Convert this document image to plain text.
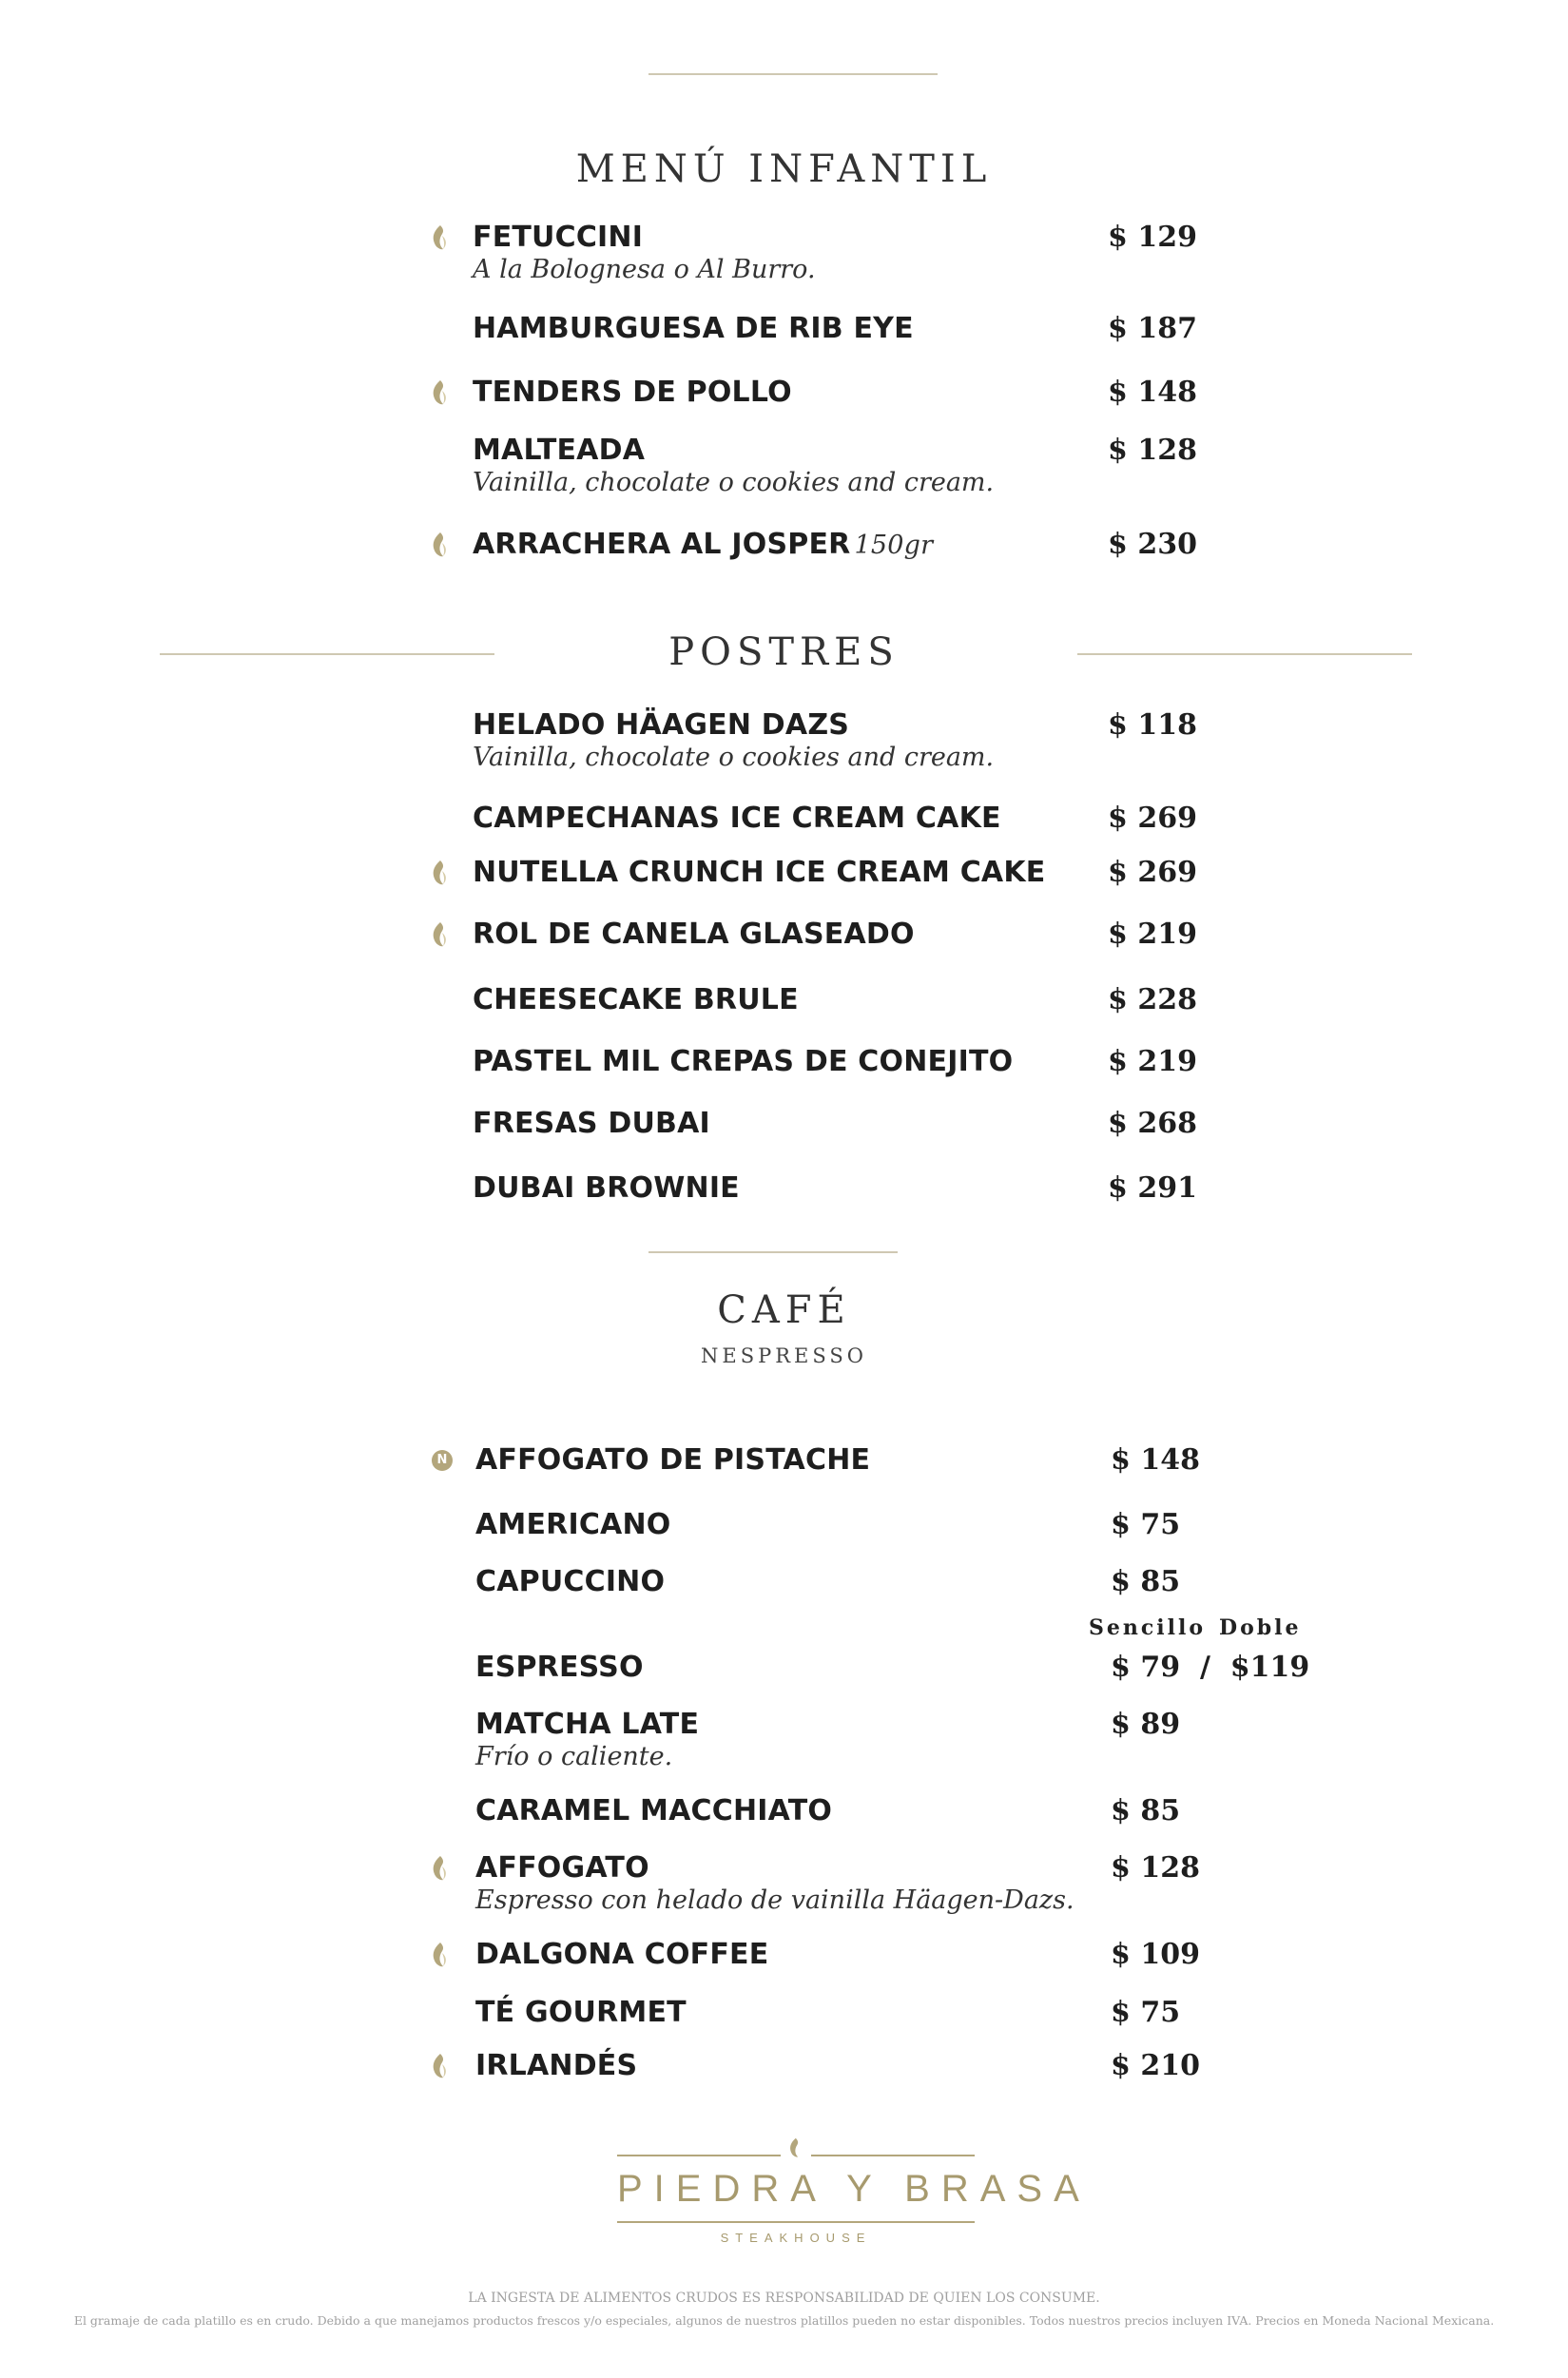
MENÚ INFANTIL
FETUCCINI
A la Bolognesa o Al Burro.
$ 129
HAMBURGUESA DE RIB EYE	$ 187
TENDERS DE POLLO	$ 148
MALTEADA
Vainilla, chocolate o cookies and cream.
$ 128
ARRACHERA AL JOSPER 150gr	$ 230
POSTRES
HELADO HÄAGEN DAZS
Vainilla, chocolate o cookies and cream.
$ 118
CAMPECHANAS ICE CREAM CAKE	$ 269
NUTELLA CRUNCH ICE CREAM CAKE $ 269
ROL DE CANELA GLASEADO	$ 219
CHEESECAKE BRULE	$ 228
PASTEL MIL CREPAS DE CONEJITO	$ 219
FRESAS DUBAI	$ 268
DUBAI BROWNIE	$ 291
CAFÉ
NESPRESSO
N AFFOGATO DE PISTACHE	$ 148
AMERICANO	$ 75
CAPUCCINO	$ 85
Sencillo Doble
ESPRESSO	$ 79  /  $119
MATCHA LATE
Frío o caliente.
$ 89
CARAMEL MACCHIATO	$ 85
AFFOGATO
Espresso con helado de vainilla Häagen-Dazs.
$ 128
DALGONA COFFEE	$ 109
TÉ GOURMET	$ 75
IRLANDÉS	$ 210
PIEDRA Y BRASA
STEAKHOUSE
LA INGESTA DE ALIMENTOS CRUDOS ES RESPONSABILIDAD DE QUIEN LOS CONSUME.
El gramaje de cada platillo es en crudo. Debido a que manejamos productos frescos y/o especiales, algunos de nuestros platillos pueden no estar disponibles. Todos nuestros precios incluyen IVA. Precios en Moneda Nacional Mexicana.
